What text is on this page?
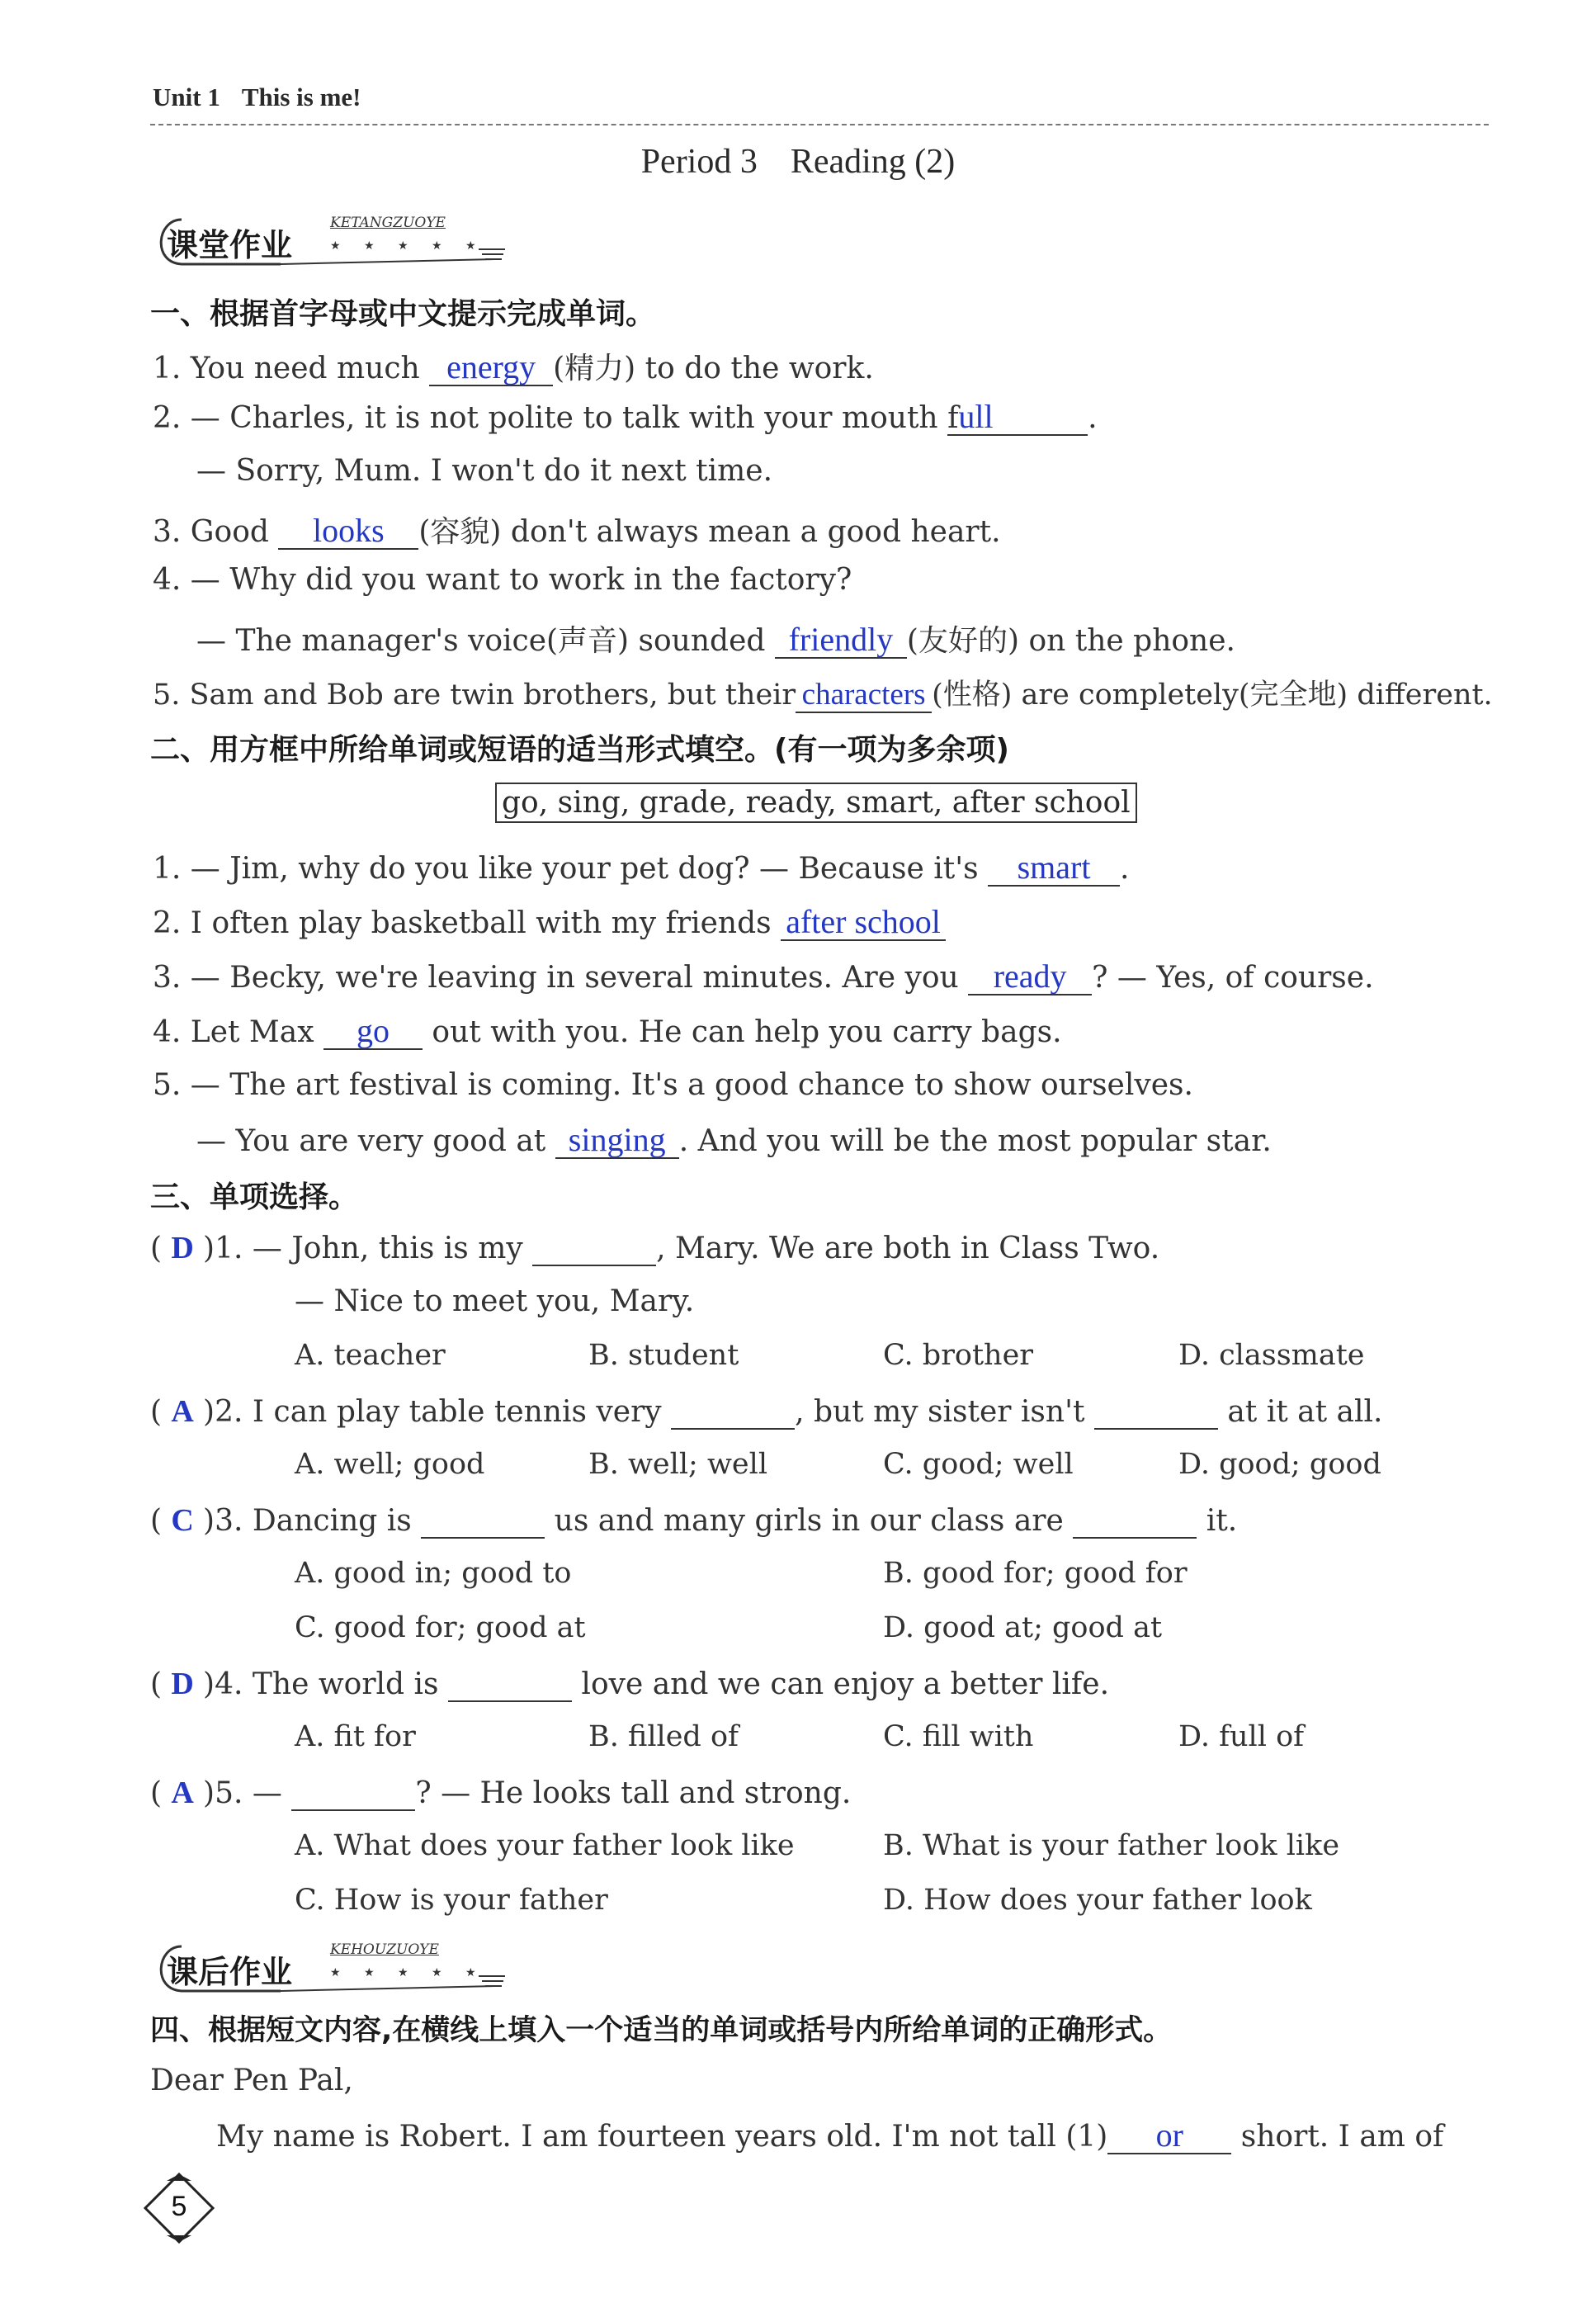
Unit 1 This is me!
Period 3 Reading (2)
课堂作业
KETANGZUOYE
★ ★ ★ ★ ★
一、根据首字母或中文提示完成单词。
1. You need much energy (精力) to do the work.
2. — Charles, it is not polite to talk with your mouth full	.
— Sorry, Mum. I won't do it next time.
3. Good looks (容貌) don't always mean a good heart.
4. — Why did you want to work in the factory?
— The manager's voice(声音) sounded friendly (友好的) on the phone.
5. Sam and Bob are twin brothers, but their characters (性格) are completely(完全地) different.
二、用方框中所给单词或短语的适当形式填空。(有一项为多余项)
go, sing, grade, ready, smart, after school
1. — Jim, why do you like your pet dog? — Because it's smart .
2. I often play basketball with my friends after school
3. — Becky, we're leaving in several minutes. Are you ready ? — Yes, of course.
4. Let Max go out with you. He can help you carry bags.
5. — The art festival is coming. It's a good chance to show ourselves.
— You are very good at singing . And you will be the most popular star.
三、单项选择。
( D )1. — John, this is my	, Mary. We are both in Class Two.
— Nice to meet you, Mary.
A. teacher	B. student	C. brother	D. classmate
( A )2. I can play table tennis very	, but my sister isn't	at it at all.
A. well; good	B. well; well	C. good; well	D. good; good
( C )3. Dancing is	us and many girls in our class are	it.
A. good in; good to	B. good for; good for
C. good for; good at	D. good at; good at
( D )4. The world is	love and we can enjoy a better life.
A. fit for	B. filled of	C. fill with	D. full of
( A )5. —	? — He looks tall and strong.
A. What does your father look like	B. What is your father look like
C. How is your father	D. How does your father look
课后作业
KEHOUZUOYE
★ ★ ★ ★ ★
四、根据短文内容,在横线上填入一个适当的单词或括号内所给单词的正确形式。
Dear Pen Pal,
My name is Robert. I am fourteen years old. I'm not tall (1) or short. I am of
5
